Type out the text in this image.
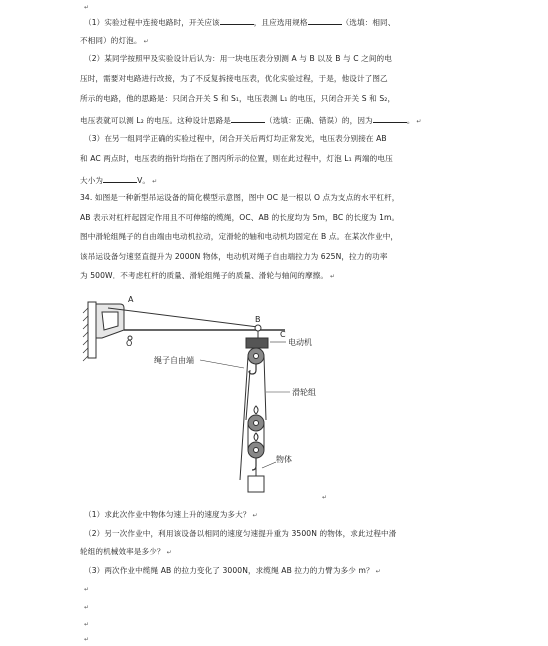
↵
（1）实验过程中连接电路时，开关应该	，且应选用规格	（选填：相同、
不相同）的灯泡。 ↵
（2）某同学按照甲及实验设计后认为：用一块电压表分别测 A 与 B 以及 B 与 C 之间的电
压时，需要对电路进行改接，为了不反复拆接电压表，优化实验过程，于是，他设计了图乙
所示的电路，他的思路是：只闭合开关 S 和 S₁，电压表测 L₁ 的电压，只闭合开关 S 和 S₂，
电压表就可以测 L₂ 的电压。这种设计思路是	（选填：正确、错误）的，因为	。 ↵
（3）在另一组同学正确的实验过程中，闭合开关后两灯均正常发光，电压表分别接在 AB
和 AC 两点时，电压表的指针均指在了图丙所示的位置，则在此过程中，灯泡 L₁ 两端的电压
大小为	V。 ↵
34. 如图是一种新型吊运设备的简化模型示意图，图中 OC 是一根以 O 点为支点的水平杠杆，
AB 表示对杠杆起固定作用且不可伸缩的缆绳，OC、AB 的长度均为 5m，BC 的长度为 1m。
图中滑轮组绳子的自由端由电动机拉动，定滑轮的轴和电动机均固定在 B 点。在某次作业中，
该吊运设备匀速竖直提升为 2000N 物体，电动机对绳子自由端拉力为 625N，拉力的功率
为 500W．不考虑杠杆的质量、滑轮组绳子的质量、滑轮与轴间的摩擦。 ↵
A
O
B
C
电动机
绳子自由端
滑轮组
物体
↵
（1）求此次作业中物体匀速上升的速度为多大？ ↵
（2）另一次作业中，利用该设备以相同的速度匀速提升重为 3500N 的物体，求此过程中滑
轮组的机械效率是多少？ ↵
（3）两次作业中缆绳 AB 的拉力变化了 3000N，求缆绳 AB 拉力的力臂为多少 m？ ↵
↵
↵
↵
↵
